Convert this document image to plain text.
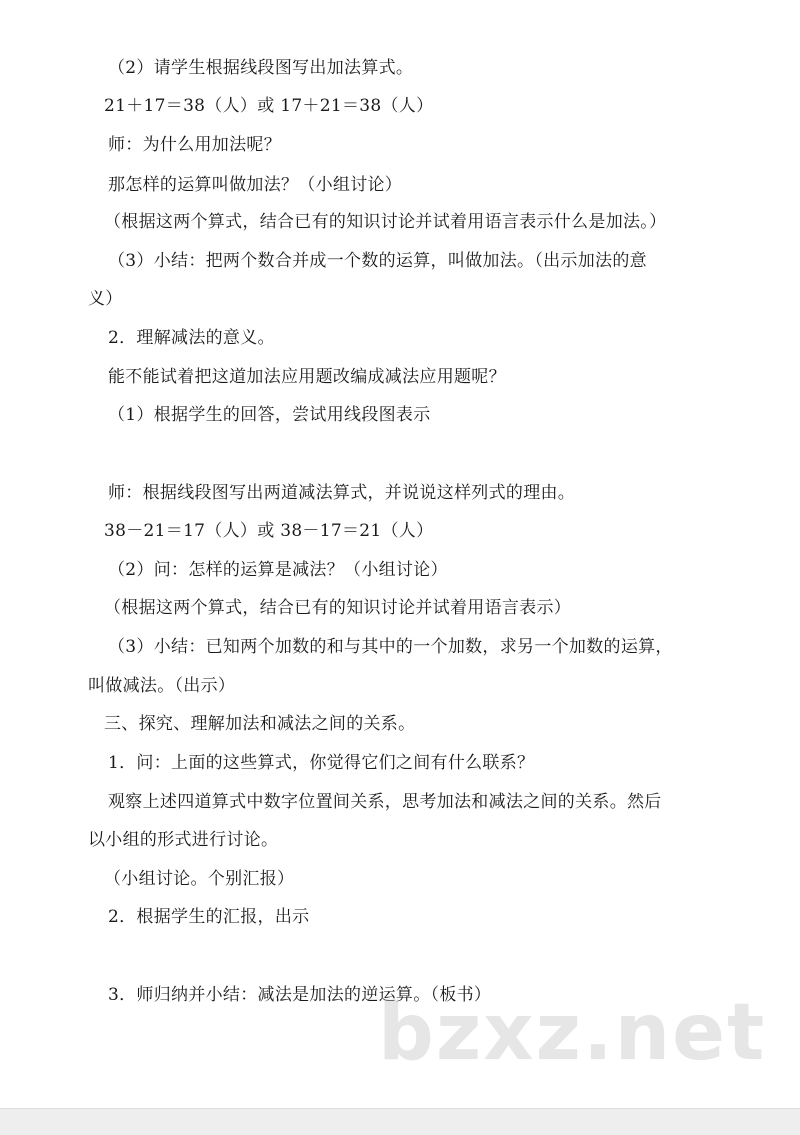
（2）请学生根据线段图写出加法算式。
21＋17＝38（人）或 17＋21＝38（人）
师：为什么用加法呢？
那怎样的运算叫做加法？（小组讨论）
（根据这两个算式，结合已有的知识讨论并试着用语言表示什么是加法。）
（3）小结：把两个数合并成一个数的运算，叫做加法。（出示加法的意
义）
2．理解减法的意义。
能不能试着把这道加法应用题改编成减法应用题呢？
（1）根据学生的回答，尝试用线段图表示
师：根据线段图写出两道减法算式，并说说这样列式的理由。
38－21＝17（人）或 38－17＝21（人）
（2）问：怎样的运算是减法？（小组讨论）
（根据这两个算式，结合已有的知识讨论并试着用语言表示）
（3）小结：已知两个加数的和与其中的一个加数，求另一个加数的运算，
叫做减法。（出示）
三、探究、理解加法和减法之间的关系。
1．问：上面的这些算式，你觉得它们之间有什么联系？
观察上述四道算式中数字位置间关系，思考加法和减法之间的关系。然后
以小组的形式进行讨论。
（小组讨论。个别汇报）
2．根据学生的汇报，出示
3．师归纳并小结：减法是加法的逆运算。（板书）
bzxz.net
